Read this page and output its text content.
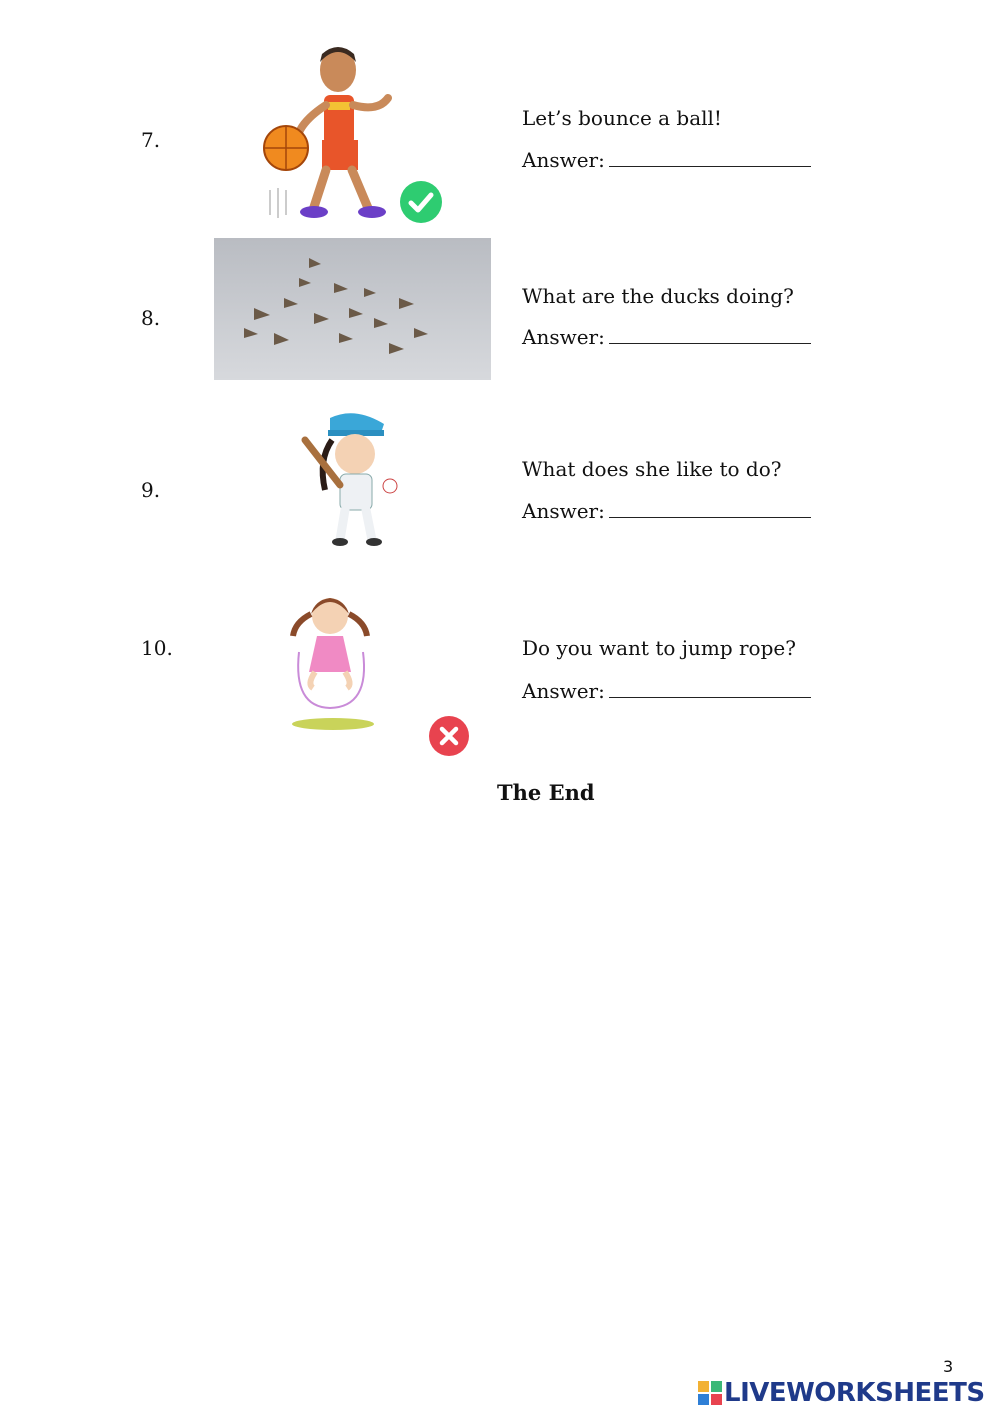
7.
Let’s bounce a ball!
Answer:
8.
What are the ducks doing?
Answer:
9.
What does she like to do?
Answer:
10.	Do you want to jump rope?
Answer:
The End
3
LIVEWORKSHEETS
